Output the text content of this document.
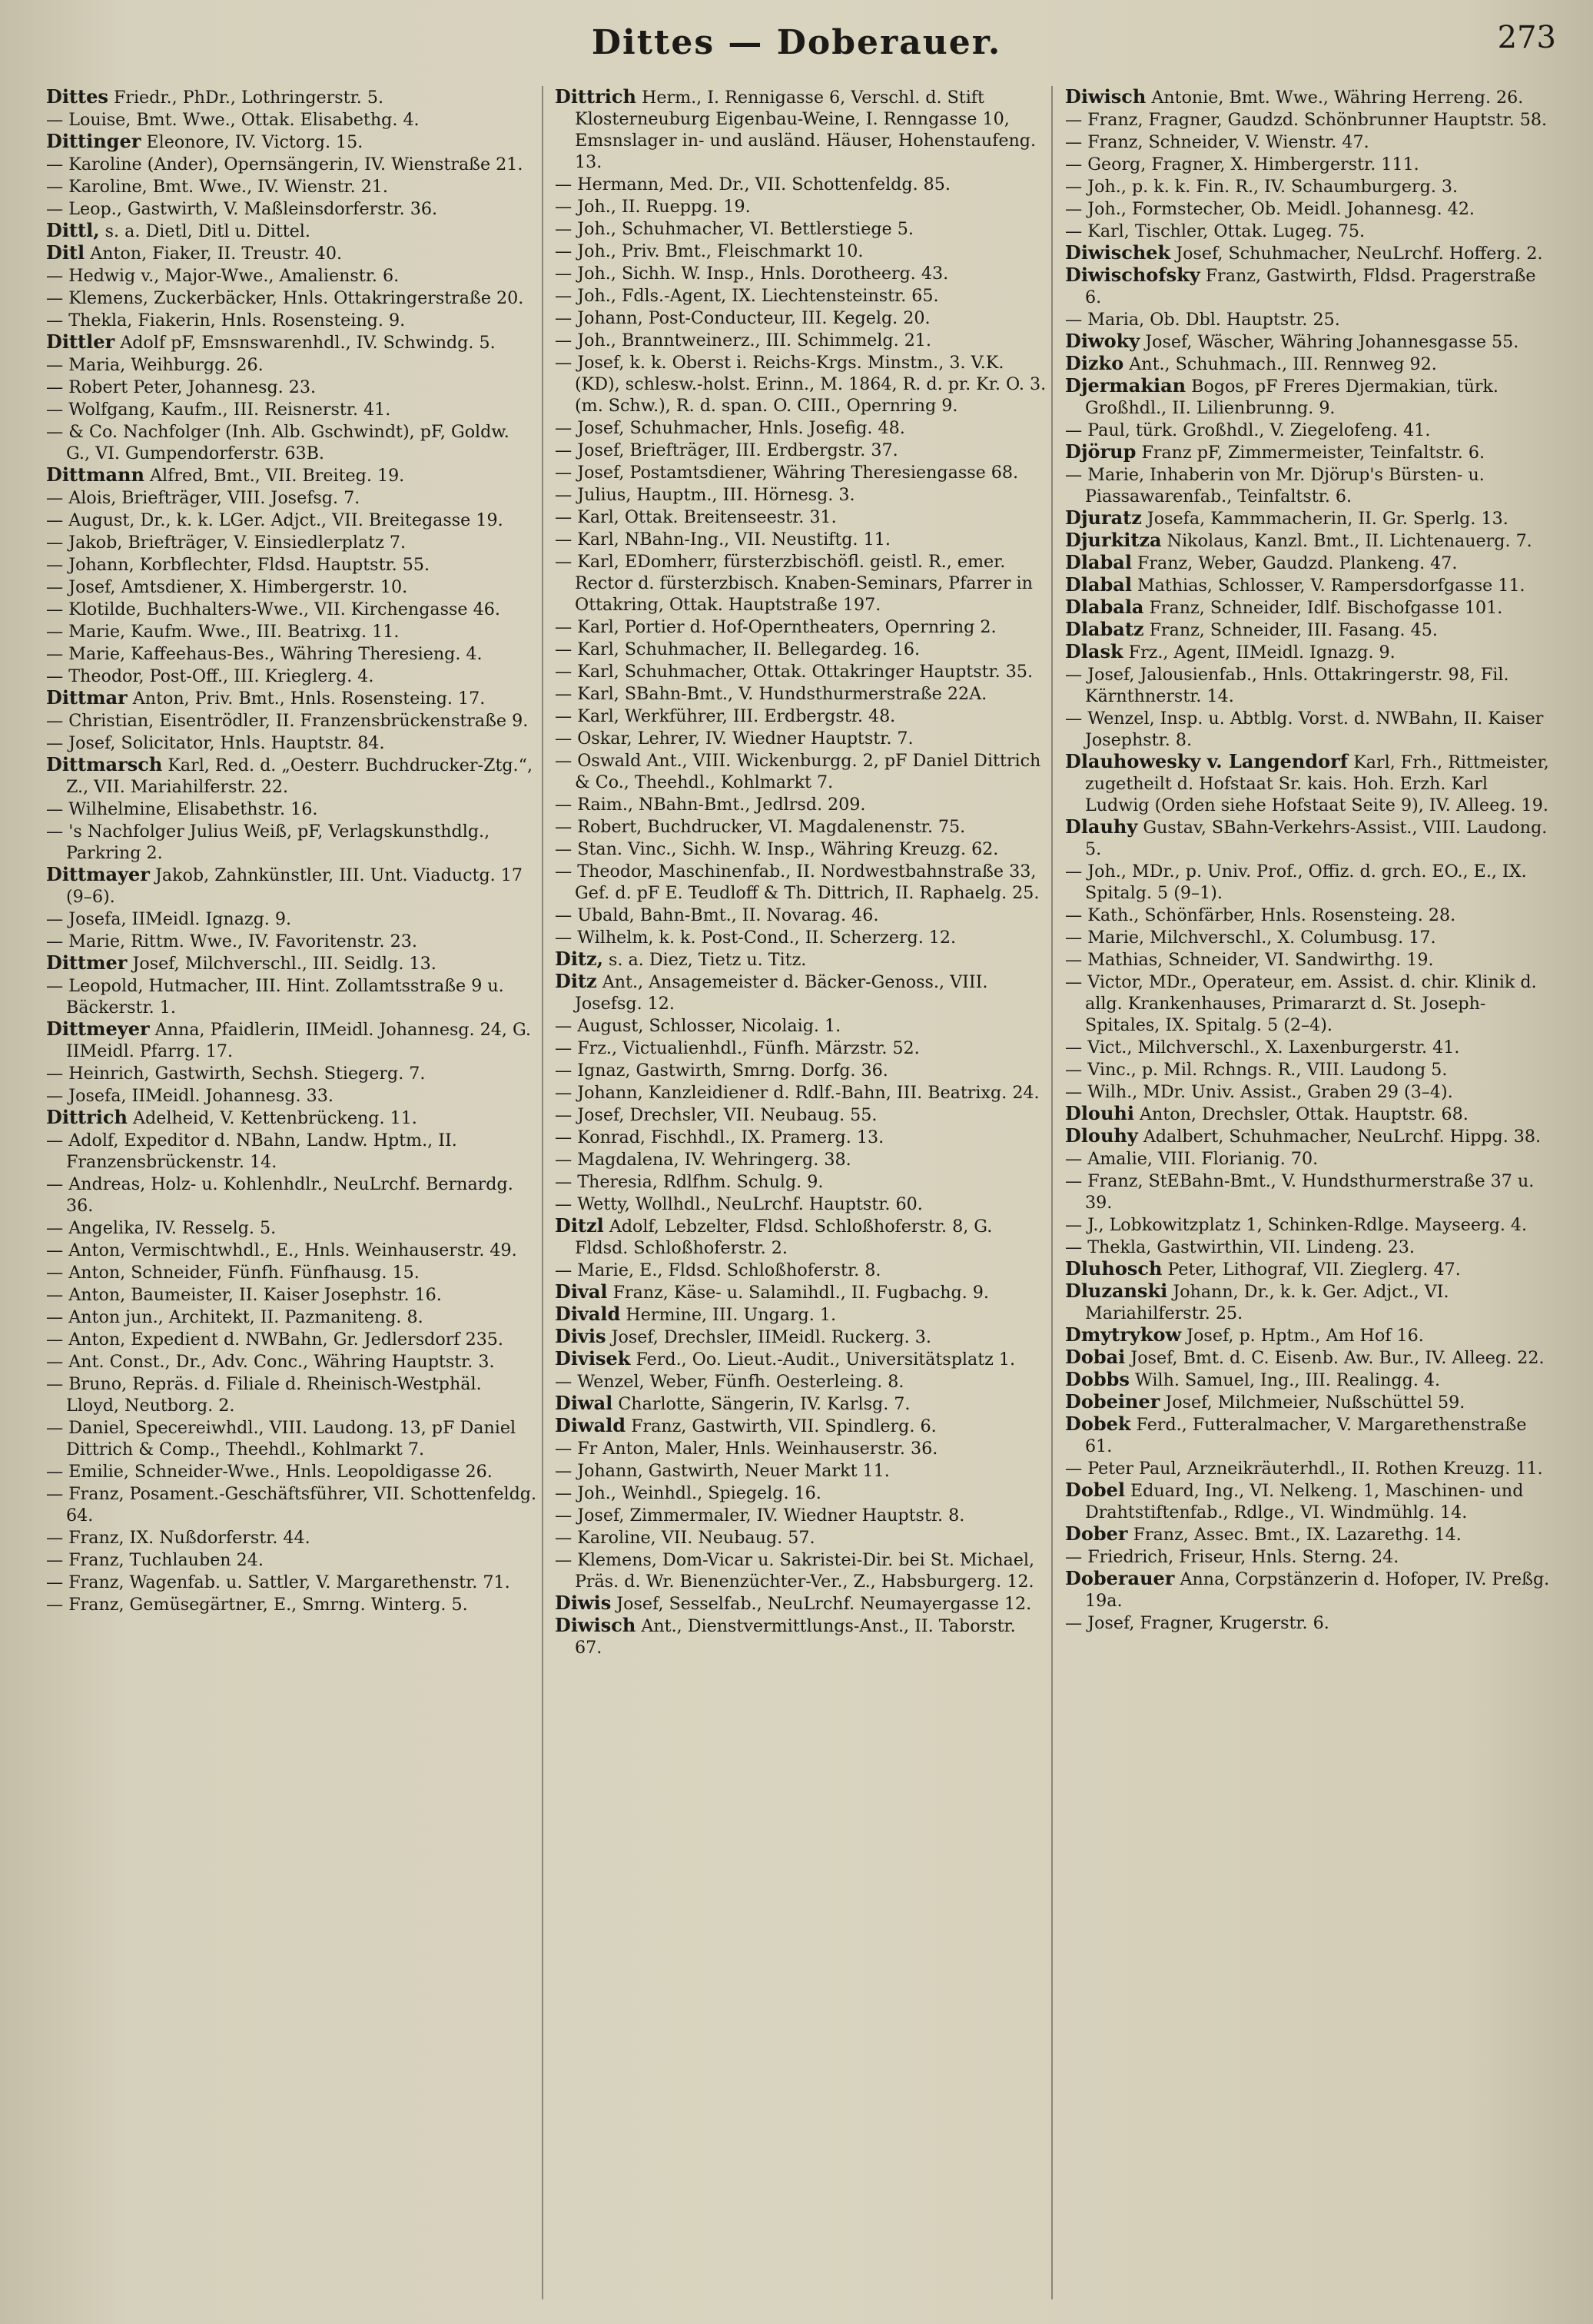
Dittes — Doberauer.	273

Dittes Friedr., PhDr., Lothringerstr. 5.

— Louise, Bmt. Wwe., Ottak. Elisabethg. 4.

Dittinger Eleonore, IV. Victorg. 15.

— Karoline (Ander), Opernsängerin, IV. Wienstraße 21.

— Karoline, Bmt. Wwe., IV. Wienstr. 21.

— Leop., Gastwirth, V. Maßleinsdorferstr. 36.

Dittl, s. a. Dietl, Ditl u. Dittel.

Ditl Anton, Fiaker, II. Treustr. 40.

— Hedwig v., Major-Wwe., Amalienstr. 6.

— Klemens, Zuckerbäcker, Hnls. Ottakringerstraße 20.

— Thekla, Fiakerin, Hnls. Rosensteing. 9.

Dittler Adolf pF, Emsnswarenhdl., IV. Schwindg. 5.

— Maria, Weihburgg. 26.

— Robert Peter, Johannesg. 23.

— Wolfgang, Kaufm., III. Reisnerstr. 41.

— & Co. Nachfolger (Inh. Alb. Gschwindt), pF, Goldw. G., VI. Gumpendorferstr. 63B.

Dittmann Alfred, Bmt., VII. Breiteg. 19.

— Alois, Briefträger, VIII. Josefsg. 7.

— August, Dr., k. k. LGer. Adjct., VII. Breitegasse 19.

— Jakob, Briefträger, V. Einsiedlerplatz 7.

— Johann, Korbflechter, Fldsd. Hauptstr. 55.

— Josef, Amtsdiener, X. Himbergerstr. 10.

— Klotilde, Buchhalters-Wwe., VII. Kirchengasse 46.

— Marie, Kaufm. Wwe., III. Beatrixg. 11.

— Marie, Kaffeehaus-Bes., Währing Theresieng. 4.

— Theodor, Post-Off., III. Krieglerg. 4.

Dittmar Anton, Priv. Bmt., Hnls. Rosensteing. 17.

— Christian, Eisentrödler, II. Franzensbrückenstraße 9.

— Josef, Solicitator, Hnls. Hauptstr. 84.

Dittmarsch Karl, Red. d. „Oesterr. Buchdrucker-Ztg.“, Z., VII. Mariahilferstr. 22.

— Wilhelmine, Elisabethstr. 16.

— 's Nachfolger Julius Weiß, pF, Verlagskunsthdlg., Parkring 2.

Dittmayer Jakob, Zahnkünstler, III. Unt. Viaductg. 17 (9–6).

— Josefa, IIMeidl. Ignazg. 9.

— Marie, Rittm. Wwe., IV. Favoritenstr. 23.

Dittmer Josef, Milchverschl., III. Seidlg. 13.

— Leopold, Hutmacher, III. Hint. Zollamtsstraße 9 u. Bäckerstr. 1.

Dittmeyer Anna, Pfaidlerin, IIMeidl. Johannesg. 24, G. IIMeidl. Pfarrg. 17.

— Heinrich, Gastwirth, Sechsh. Stiegerg. 7.

— Josefa, IIMeidl. Johannesg. 33.

Dittrich Adelheid, V. Kettenbrückeng. 11.

— Adolf, Expeditor d. NBahn, Landw. Hptm., II. Franzensbrückenstr. 14.

— Andreas, Holz- u. Kohlenhdlr., NeuLrchf. Bernardg. 36.

— Angelika, IV. Resselg. 5.

— Anton, Vermischtwhdl., E., Hnls. Weinhauserstr. 49.

— Anton, Schneider, Fünfh. Fünfhausg. 15.

— Anton, Baumeister, II. Kaiser Josephstr. 16.

— Anton jun., Architekt, II. Pazmaniteng. 8.

— Anton, Expedient d. NWBahn, Gr. Jedlersdorf 235.

— Ant. Const., Dr., Adv. Conc., Währing Hauptstr. 3.

— Bruno, Repräs. d. Filiale d. Rheinisch-Westphäl. Lloyd, Neutborg. 2.

— Daniel, Specereiwhdl., VIII. Laudong. 13, pF Daniel Dittrich & Comp., Theehdl., Kohlmarkt 7.

— Emilie, Schneider-Wwe., Hnls. Leopoldigasse 26.

— Franz, Posament.-Geschäftsführer, VII. Schottenfeldg. 64.

— Franz, IX. Nußdorferstr. 44.

— Franz, Tuchlauben 24.

— Franz, Wagenfab. u. Sattler, V. Margarethenstr. 71.

— Franz, Gemüsegärtner, E., Smrng. Winterg. 5.

Dittrich Herm., I. Rennigasse 6, Verschl. d. Stift Klosterneuburg Eigenbau-Weine, I. Renngasse 10, Emsnslager in- und ausländ. Häuser, Hohenstaufeng. 13.

— Hermann, Med. Dr., VII. Schottenfeldg. 85.

— Joh., II. Rueppg. 19.

— Joh., Schuhmacher, VI. Bettlerstiege 5.

— Joh., Priv. Bmt., Fleischmarkt 10.

— Joh., Sichh. W. Insp., Hnls. Dorotheerg. 43.

— Joh., Fdls.-Agent, IX. Liechtensteinstr. 65.

— Johann, Post-Conducteur, III. Kegelg. 20.

— Joh., Branntweinerz., III. Schimmelg. 21.

— Josef, k. k. Oberst i. Reichs-Krgs. Minstm., 3. V.K. (KD), schlesw.-holst. Erinn., M. 1864, R. d. pr. Kr. O. 3. (m. Schw.), R. d. span. O. CIII., Opernring 9.

— Josef, Schuhmacher, Hnls. Josefig. 48.

— Josef, Briefträger, III. Erdbergstr. 37.

— Josef, Postamtsdiener, Währing Theresiengasse 68.

— Julius, Hauptm., III. Hörnesg. 3.

— Karl, Ottak. Breitenseestr. 31.

— Karl, NBahn-Ing., VII. Neustiftg. 11.

— Karl, EDomherr, fürsterzbischöfl. geistl. R., emer. Rector d. fürsterzbisch. Knaben-Seminars, Pfarrer in Ottakring, Ottak. Hauptstraße 197.

— Karl, Portier d. Hof-Operntheaters, Opernring 2.

— Karl, Schuhmacher, II. Bellegardeg. 16.

— Karl, Schuhmacher, Ottak. Ottakringer Hauptstr. 35.

— Karl, SBahn-Bmt., V. Hundsthurmerstraße 22A.

— Karl, Werkführer, III. Erdbergstr. 48.

— Oskar, Lehrer, IV. Wiedner Hauptstr. 7.

— Oswald Ant., VIII. Wickenburgg. 2, pF Daniel Dittrich & Co., Theehdl., Kohlmarkt 7.

— Raim., NBahn-Bmt., Jedlrsd. 209.

— Robert, Buchdrucker, VI. Magdalenenstr. 75.

— Stan. Vinc., Sichh. W. Insp., Währing Kreuzg. 62.

— Theodor, Maschinenfab., II. Nordwestbahnstraße 33, Gef. d. pF E. Teudloff & Th. Dittrich, II. Raphaelg. 25.

— Ubald, Bahn-Bmt., II. Novarag. 46.

— Wilhelm, k. k. Post-Cond., II. Scherzerg. 12.

Ditz, s. a. Diez, Tietz u. Titz.

Ditz Ant., Ansagemeister d. Bäcker-Genoss., VIII. Josefsg. 12.

— August, Schlosser, Nicolaig. 1.

— Frz., Victualienhdl., Fünfh. Märzstr. 52.

— Ignaz, Gastwirth, Smrng. Dorfg. 36.

— Johann, Kanzleidiener d. Rdlf.-Bahn, III. Beatrixg. 24.

— Josef, Drechsler, VII. Neubaug. 55.

— Konrad, Fischhdl., IX. Pramerg. 13.

— Magdalena, IV. Wehringerg. 38.

— Theresia, Rdlfhm. Schulg. 9.

— Wetty, Wollhdl., NeuLrchf. Hauptstr. 60.

Ditzl Adolf, Lebzelter, Fldsd. Schloßhoferstr. 8, G. Fldsd. Schloßhoferstr. 2.

— Marie, E., Fldsd. Schloßhoferstr. 8.

Dival Franz, Käse- u. Salamihdl., II. Fugbachg. 9.

Divald Hermine, III. Ungarg. 1.

Divis Josef, Drechsler, IIMeidl. Ruckerg. 3.

Divisek Ferd., Oo. Lieut.-Audit., Universitätsplatz 1.

— Wenzel, Weber, Fünfh. Oesterleing. 8.

Diwal Charlotte, Sängerin, IV. Karlsg. 7.

Diwald Franz, Gastwirth, VII. Spindlerg. 6.

— Fr Anton, Maler, Hnls. Weinhauserstr. 36.

— Johann, Gastwirth, Neuer Markt 11.

— Joh., Weinhdl., Spiegelg. 16.

— Josef, Zimmermaler, IV. Wiedner Hauptstr. 8.

— Karoline, VII. Neubaug. 57.

— Klemens, Dom-Vicar u. Sakristei-Dir. bei St. Michael, Präs. d. Wr. Bienenzüchter-Ver., Z., Habsburgerg. 12.

Diwis Josef, Sesselfab., NeuLrchf. Neumayergasse 12.

Diwisch Ant., Dienstvermittlungs-Anst., II. Taborstr. 67.

Diwisch Antonie, Bmt. Wwe., Währing Herreng. 26.

— Franz, Fragner, Gaudzd. Schönbrunner Hauptstr. 58.

— Franz, Schneider, V. Wienstr. 47.

— Georg, Fragner, X. Himbergerstr. 111.

— Joh., p. k. k. Fin. R., IV. Schaumburgerg. 3.

— Joh., Formstecher, Ob. Meidl. Johannesg. 42.

— Karl, Tischler, Ottak. Lugeg. 75.

Diwischek Josef, Schuhmacher, NeuLrchf. Hofferg. 2.

Diwischofsky Franz, Gastwirth, Fldsd. Pragerstraße 6.

— Maria, Ob. Dbl. Hauptstr. 25.

Diwoky Josef, Wäscher, Währing Johannesgasse 55.

Dizko Ant., Schuhmach., III. Rennweg 92.

Djermakian Bogos, pF Freres Djermakian, türk. Großhdl., II. Lilienbrunng. 9.

— Paul, türk. Großhdl., V. Ziegelofeng. 41.

Djörup Franz pF, Zimmermeister, Teinfaltstr. 6.

— Marie, Inhaberin von Mr. Djörup's Bürsten- u. Piassawarenfab., Teinfaltstr. 6.

Djuratz Josefa, Kammmacherin, II. Gr. Sperlg. 13.

Djurkitza Nikolaus, Kanzl. Bmt., II. Lichtenauerg. 7.

Dlabal Franz, Weber, Gaudzd. Plankeng. 47.

Dlabal Mathias, Schlosser, V. Rampersdorfgasse 11.

Dlabala Franz, Schneider, Idlf. Bischofgasse 101.

Dlabatz Franz, Schneider, III. Fasang. 45.

Dlask Frz., Agent, IIMeidl. Ignazg. 9.

— Josef, Jalousienfab., Hnls. Ottakringerstr. 98, Fil. Kärnthnerstr. 14.

— Wenzel, Insp. u. Abtblg. Vorst. d. NWBahn, II. Kaiser Josephstr. 8.

Dlauhowesky v. Langendorf Karl, Frh., Rittmeister, zugetheilt d. Hofstaat Sr. kais. Hoh. Erzh. Karl Ludwig (Orden siehe Hofstaat Seite 9), IV. Alleeg. 19.

Dlauhy Gustav, SBahn-Verkehrs-Assist., VIII. Laudong. 5.

— Joh., MDr., p. Univ. Prof., Offiz. d. grch. EO., E., IX. Spitalg. 5 (9–1).

— Kath., Schönfärber, Hnls. Rosensteing. 28.

— Marie, Milchverschl., X. Columbusg. 17.

— Mathias, Schneider, VI. Sandwirthg. 19.

— Victor, MDr., Operateur, em. Assist. d. chir. Klinik d. allg. Krankenhauses, Primararzt d. St. Joseph-Spitales, IX. Spitalg. 5 (2–4).

— Vict., Milchverschl., X. Laxenburgerstr. 41.

— Vinc., p. Mil. Rchngs. R., VIII. Laudong 5.

— Wilh., MDr. Univ. Assist., Graben 29 (3–4).

Dlouhi Anton, Drechsler, Ottak. Hauptstr. 68.

Dlouhy Adalbert, Schuhmacher, NeuLrchf. Hippg. 38.

— Amalie, VIII. Florianig. 70.

— Franz, StEBahn-Bmt., V. Hundsthurmerstraße 37 u. 39.

— J., Lobkowitzplatz 1, Schinken-Rdlge. Mayseerg. 4.

— Thekla, Gastwirthin, VII. Lindeng. 23.

Dluhosch Peter, Lithograf, VII. Zieglerg. 47.

Dluzanski Johann, Dr., k. k. Ger. Adjct., VI. Mariahilferstr. 25.

Dmytrykow Josef, p. Hptm., Am Hof 16.

Dobai Josef, Bmt. d. C. Eisenb. Aw. Bur., IV. Alleeg. 22.

Dobbs Wilh. Samuel, Ing., III. Realingg. 4.

Dobeiner Josef, Milchmeier, Nußschüttel 59.

Dobek Ferd., Futteralmacher, V. Margarethenstraße 61.

— Peter Paul, Arzneikräuterhdl., II. Rothen Kreuzg. 11.

Dobel Eduard, Ing., VI. Nelkeng. 1, Maschinen- und Drahtstiftenfab., Rdlge., VI. Windmühlg. 14.

Dober Franz, Assec. Bmt., IX. Lazarethg. 14.

— Friedrich, Friseur, Hnls. Sterng. 24.

Doberauer Anna, Corpstänzerin d. Hofoper, IV. Preßg. 19a.

— Josef, Fragner, Krugerstr. 6.
